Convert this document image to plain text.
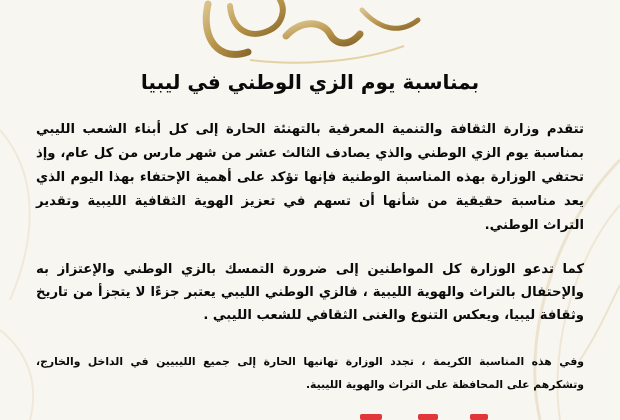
بمناسبة يوم الزي الوطني في ليبيا

تتقدم وزارة الثقافة والتنمية المعرفية بالتهنئة الحارة إلى كل أبناء الشعب الليبي بمناسبة يوم الزي الوطني والذي يصادف الثالث عشر من شهر مارس من كل عام، وإذ تحتفي الوزارة بهذه المناسبة الوطنية فإنها تؤكد على أهمية الإحتفاء بهذا اليوم الذي يعد مناسبة حقيقية من شأنها أن تسهم في تعزيز الهوية الثقافية الليبية وتقدير التراث الوطني.

كما تدعو الوزارة كل المواطنين إلى ضرورة التمسك بالزي الوطني والإعتزاز به والإحتفال بالتراث والهوية الليبية ، فالزي الوطني الليبي يعتبر جزءًا لا يتجزأ من تاريخ وثقافة ليبيا، ويعكس التنوع والغنى الثقافي للشعب الليبي .

وفي هذه المناسبة الكريمة ، تجدد الوزارة تهانيها الحارة إلى جميع الليبيين في الداخل والخارج، وتشكرهم على المحافظة على التراث والهوية الليبية.
